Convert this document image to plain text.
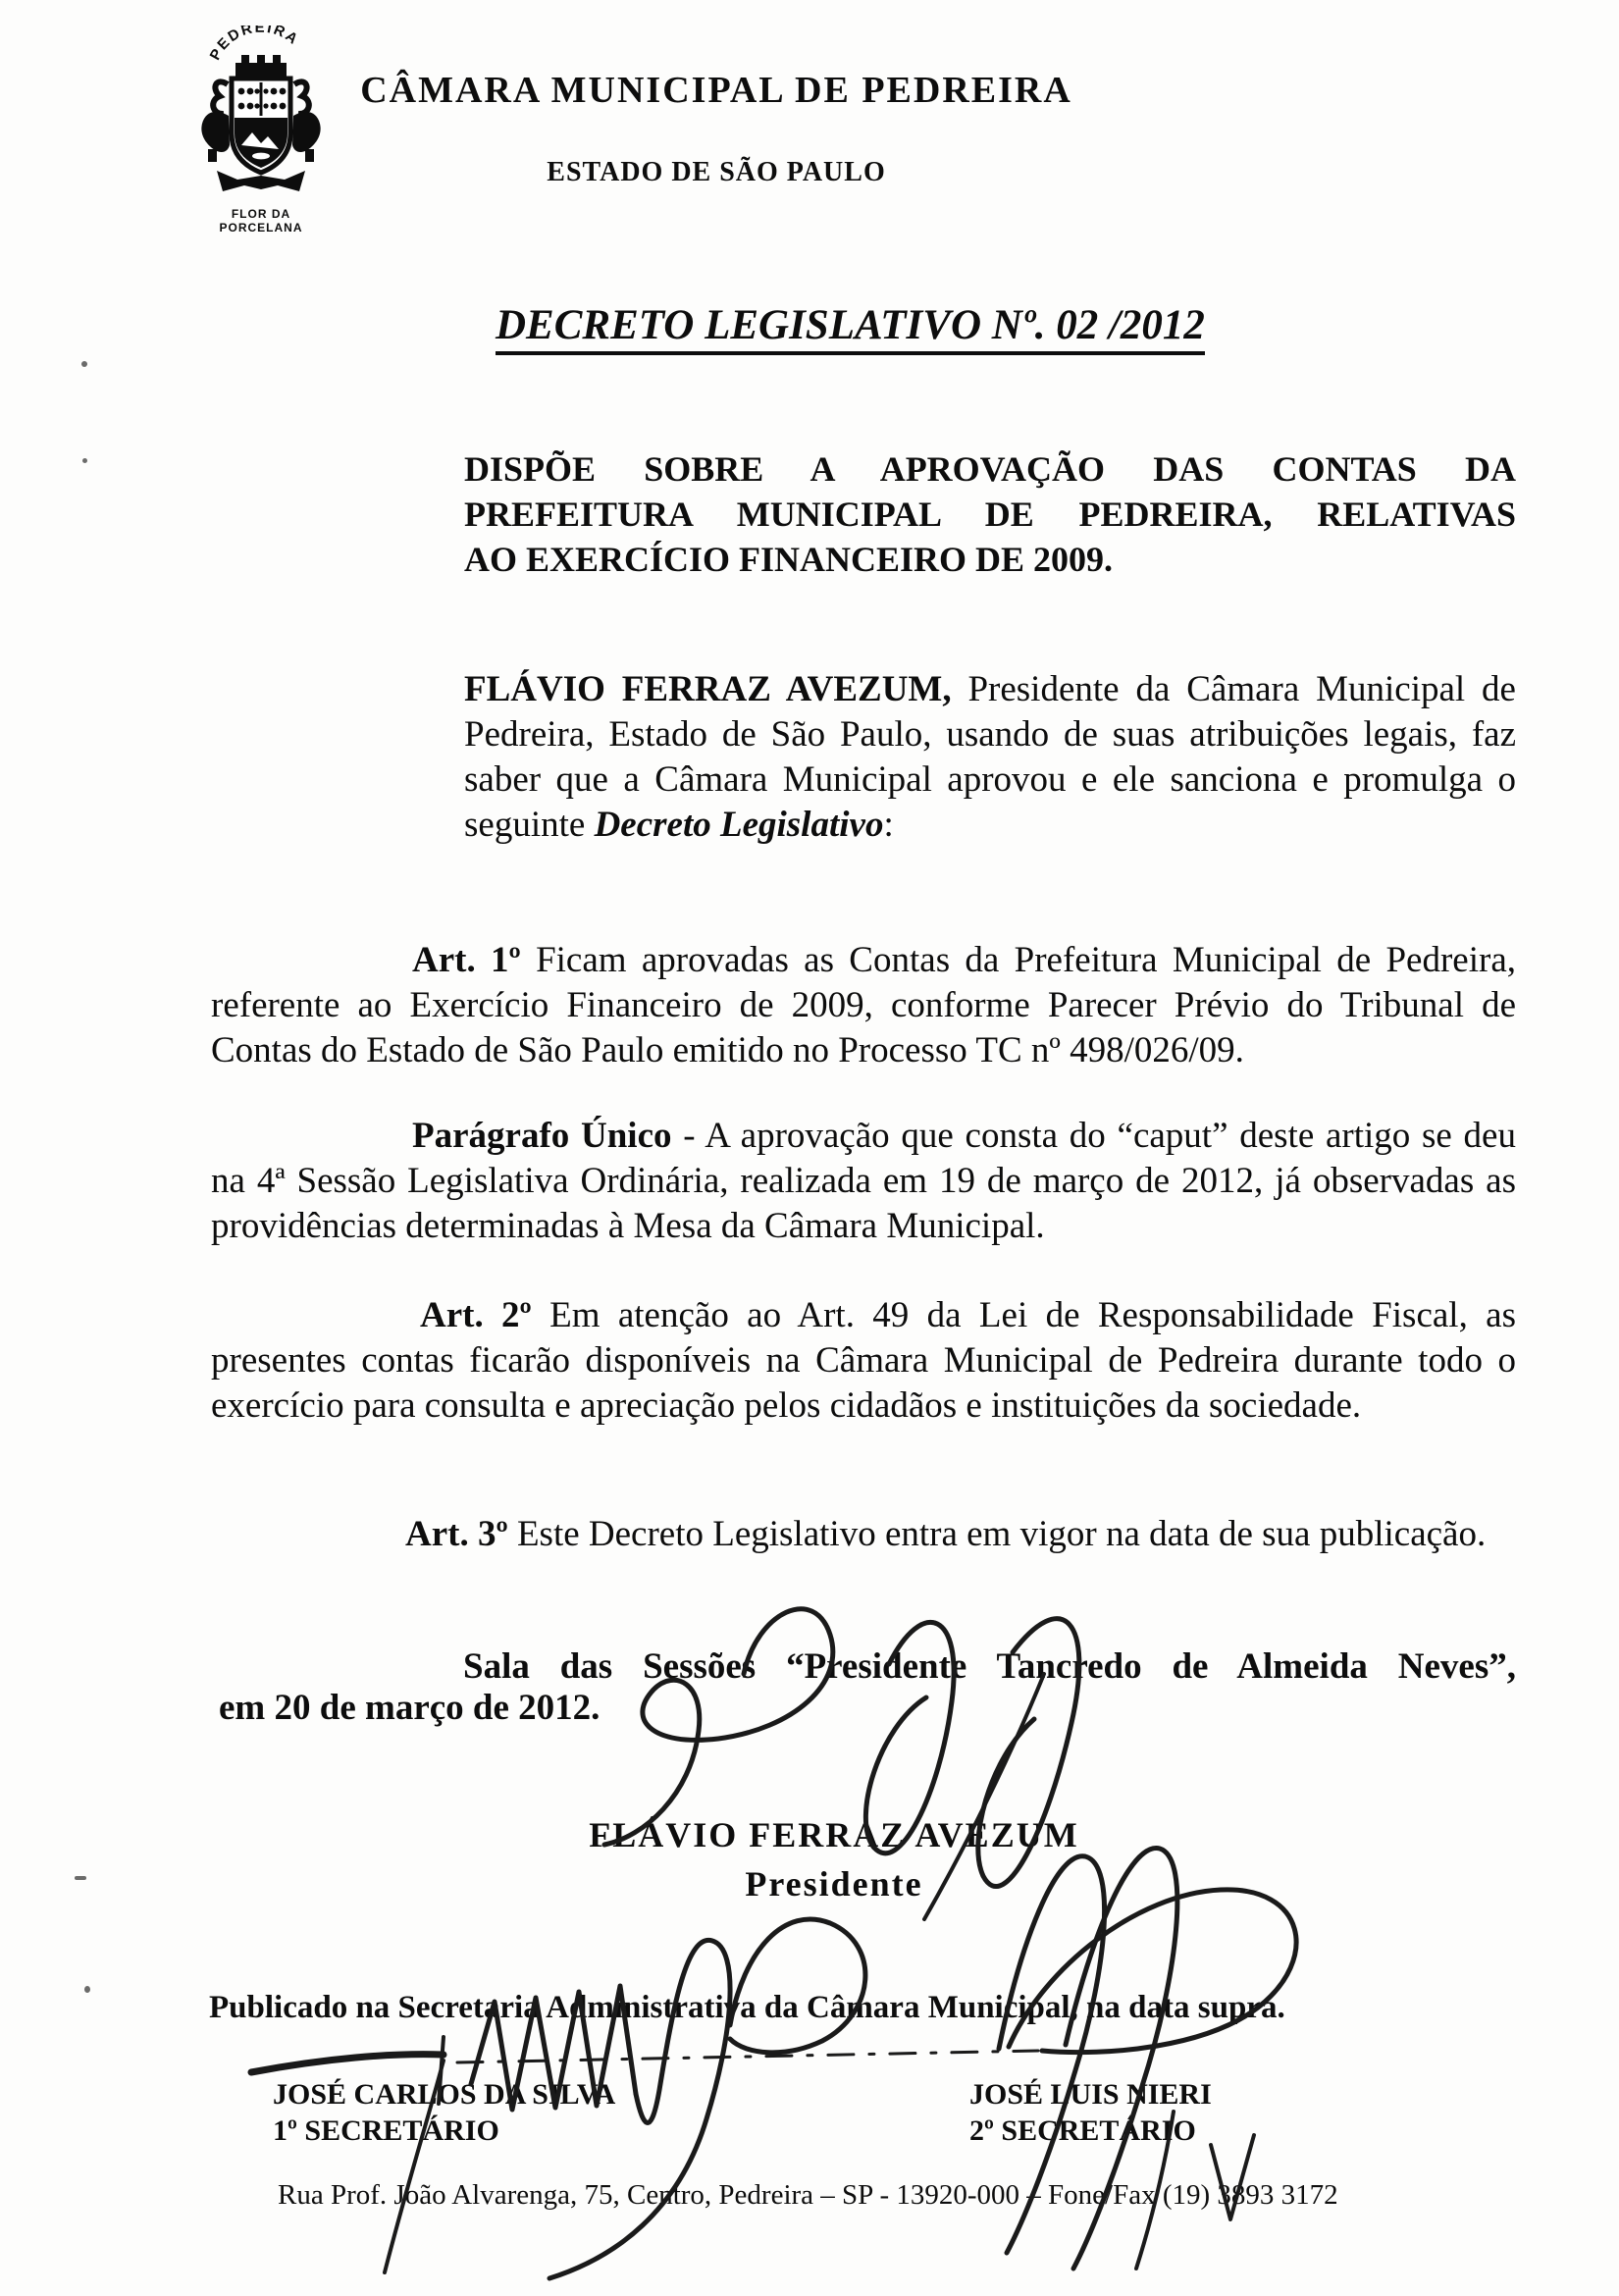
PEDREIRA
FLOR DA
PORCELANA
CÂMARA MUNICIPAL DE PEDREIRA
ESTADO DE SÃO PAULO
DECRETO LEGISLATIVO Nº. 02 /2012
DISPÕE SOBRE A APROVAÇÃO DAS CONTAS DA
PREFEITURA MUNICIPAL DE PEDREIRA, RELATIVAS
AO EXERCÍCIO FINANCEIRO DE 2009.

FLÁVIO FERRAZ AVEZUM, Presidente da Câmara Municipal de Pedreira, Estado de São Paulo, usando de suas atribuições legais, faz saber que a Câmara Municipal aprovou e ele sanciona e promulga o seguinte Decreto Legislativo:

Art. 1º Ficam aprovadas as Contas da Prefeitura Municipal de Pedreira, referente ao Exercício Financeiro de 2009, conforme Parecer Prévio do Tribunal de Contas do Estado de São Paulo emitido no Processo TC nº 498/026/09.

Parágrafo Único - A aprovação que consta do “caput” deste artigo se deu na 4ª Sessão Legislativa Ordinária, realizada em 19 de março de 2012, já observadas as providências determinadas à Mesa da Câmara Municipal.

Art. 2º Em atenção ao Art. 49 da Lei de Responsabilidade Fiscal, as presentes contas ficarão disponíveis na Câmara Municipal de Pedreira durante todo o exercício para consulta e apreciação pelos cidadãos e instituições da sociedade.

Art. 3º Este Decreto Legislativo entra em vigor na data de sua publicação.

Sala das Sessões “Presidente Tancredo de Almeida Neves”,
em 20 de março de 2012.
FLÁVIO FERRAZ AVEZUM
Presidente
Publicado na Secretaria Administrativa da Câmara Municipal, na data supra.
JOSÉ CARLOS DA SILVA
1º SECRETÁRIO
JOSÉ LUIS NIERI
2º SECRETÁRIO
Rua Prof. João Alvarenga, 75, Centro, Pedreira – SP - 13920-000 – Fone/Fax (19) 3893 3172
